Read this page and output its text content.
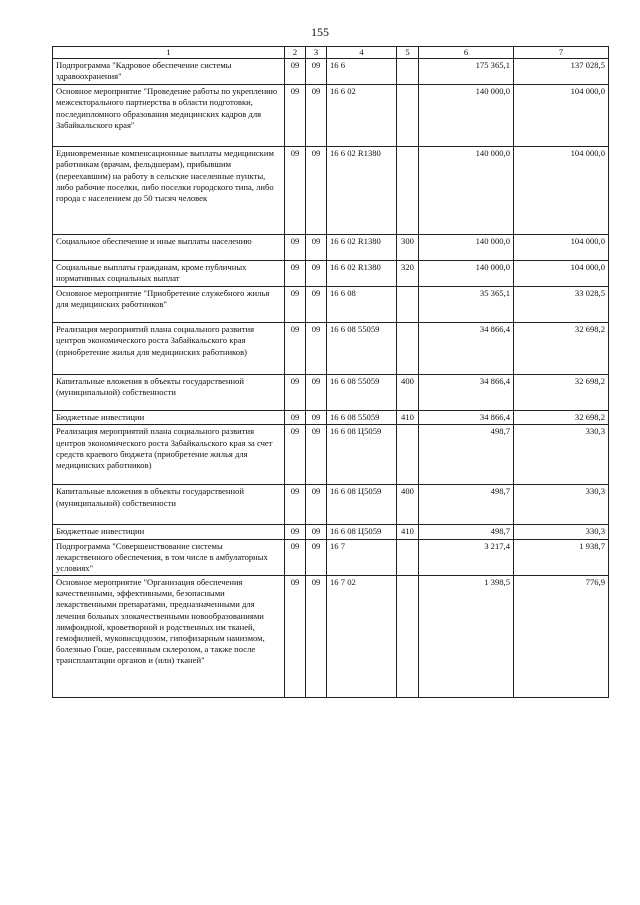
155
1	2	3	4	5	6	7
Подпрограмма "Кадровое обеспечение системы здравоохранения"	09	09	16 6		175 365,1	137 028,5
Основное мероприятие "Проведение работы по укреплению межсекторального партнерства в области подготовки, последипломного образования медицинских кадров для Забайкальского края"	09	09	16 6 02		140 000,0	104 000,0
Единовременные компенсационные выплаты медицинским работникам (врачам, фельдшерам), прибывшим (переехавшим) на работу в сельские населенные пункты, либо рабочие поселки, либо поселки городского типа, либо города с населением до 50 тысяч человек	09	09	16 6 02 R1380		140 000,0	104 000,0
Социальное обеспечение и иные выплаты населению	09	09	16 6 02 R1380	300	140 000,0	104 000,0
Социальные выплаты гражданам, кроме публичных нормативных социальных выплат	09	09	16 6 02 R1380	320	140 000,0	104 000,0
Основное мероприятие "Приобретение служебного жилья для медицинских работников"	09	09	16 6 08		35 365,1	33 028,5
Реализация мероприятий плана социального развития центров экономического роста Забайкальского края (приобретение жилья для медицинских работников)	09	09	16 6 08 55059		34 866,4	32 698,2
Капитальные вложения в объекты государственной (муниципальной) собственности	09	09	16 6 08 55059	400	34 866,4	32 698,2
Бюджетные инвестиции	09	09	16 6 08 55059	410	34 866,4	32 698,2
Реализация мероприятий плана социального развития центров экономического роста Забайкальского края за счет средств краевого бюджета (приобретение жилья для медицинских работников)	09	09	16 6 08 Ц5059		498,7	330,3
Капитальные вложения в объекты государственной (муниципальной) собственности	09	09	16 6 08 Ц5059	400	498,7	330,3
Бюджетные инвестиции	09	09	16 6 08 Ц5059	410	498,7	330,3
Подпрограмма "Совершенствование системы лекарственного обеспечения, в том числе в амбулаторных условиях"	09	09	16 7		3 217,4	1 938,7
Основное мероприятие "Организация обеспечения качественными, эффективными, безопасными лекарственными препаратами, предназначенными для лечения больных злокачественными новообразованиями лимфоидной, кроветворной и родственных им тканей, гемофилией, муковисцидозом, гипофизарным нанизмом, болезнью Гоше, рассеянным склерозом, а также после трансплантации органов и (или) тканей"	09	09	16 7 02		1 398,5	776,9
